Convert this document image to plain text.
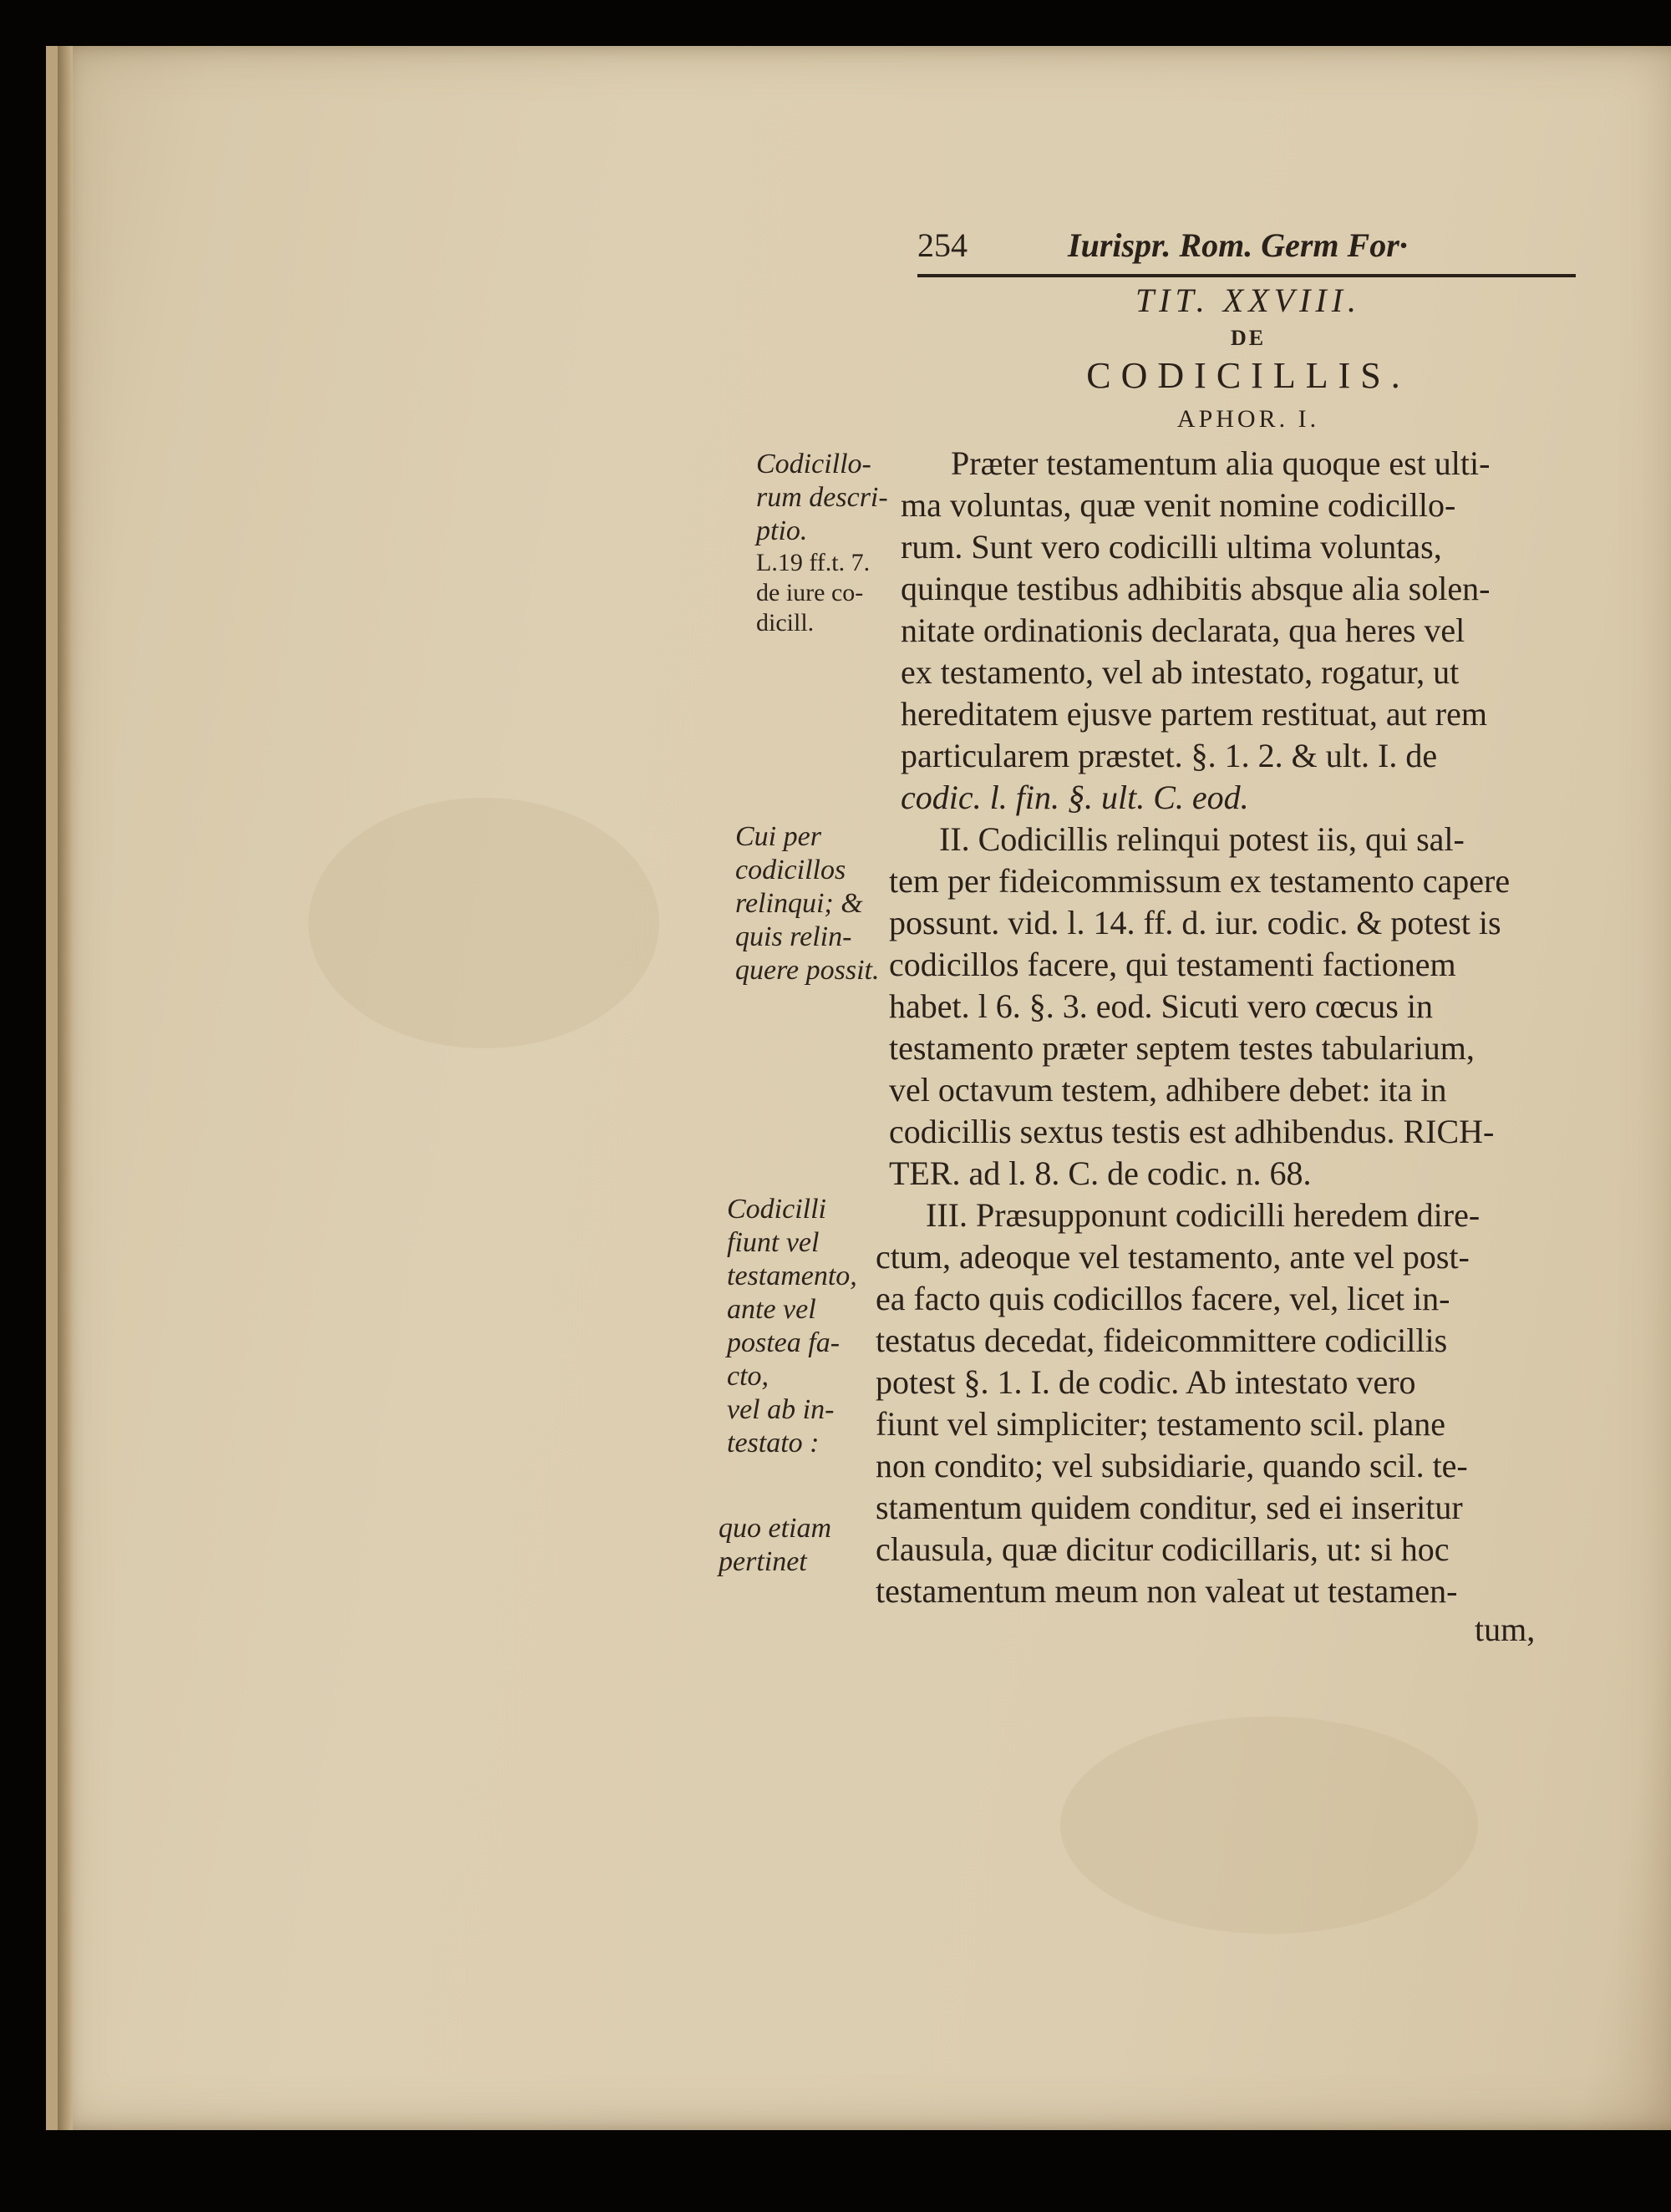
254	Iurispr. Rom. Germ For·
TIT. XXVIII.
DE
CODICILLIS.
APHOR. I.
Codicillo-
rum descri-
ptio.
L.19 ff.t. 7.
de iure co-
dicill.
Cui per
codicillos
relinqui; &
quis relin-
quere possit.
Codicilli
fiunt vel
testamento,
ante vel
postea fa-
cto,
vel ab in-
testato :
quo etiam
pertinet
Præter testamentum alia quoque est ulti-
ma voluntas, quæ venit nomine codicillo-
rum. Sunt vero codicilli ultima voluntas,
quinque testibus adhibitis absque alia solen-
nitate ordinationis declarata, qua heres vel
ex testamento, vel ab intestato, rogatur, ut
hereditatem ejusve partem restituat, aut rem
particularem præstet. §. 1. 2. & ult. I. de
codic. l. fin. §. ult. C. eod.
II. Codicillis relinqui potest iis, qui sal-
tem per fideicommissum ex testamento capere
possunt. vid. l. 14. ff. d. iur. codic. & potest is
codicillos facere, qui testamenti factionem
habet. l 6. §. 3. eod. Sicuti vero cœcus in
testamento præter septem testes tabularium,
vel octavum testem, adhibere debet: ita in
codicillis sextus testis est adhibendus. RICH-
TER. ad l. 8. C. de codic. n. 68.
III. Præsupponunt codicilli heredem dire-
ctum, adeoque vel testamento, ante vel post-
ea facto quis codicillos facere, vel, licet in-
testatus decedat, fideicommittere codicillis
potest §. 1. I. de codic. Ab intestato vero
fiunt vel simpliciter; testamento scil. plane
non condito; vel subsidiarie, quando scil. te-
stamentum quidem conditur, sed ei inseritur
clausula, quæ dicitur codicillaris, ut: si hoc
testamentum meum non valeat ut testamen-
tum,
